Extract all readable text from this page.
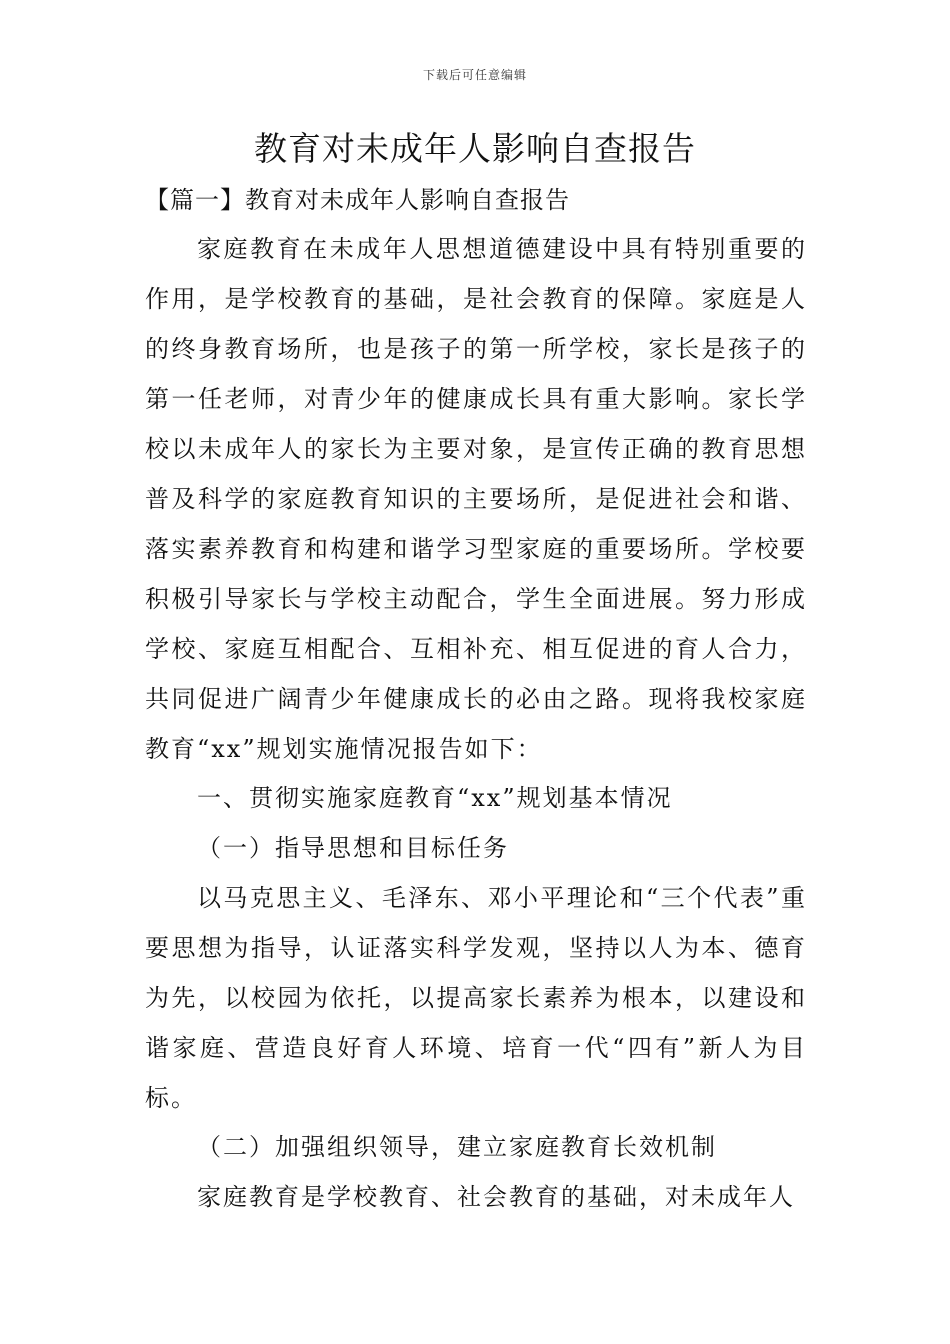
下载后可任意编辑
教育对未成年人影响自查报告
【篇一】教育对未成年人影响自查报告

家庭教育在未成年人思想道德建设中具有特别重要的作用，是学校教育的基础，是社会教育的保障。家庭是人的终身教育场所，也是孩子的第一所学校，家长是孩子的第一任老师，对青少年的健康成长具有重大影响。家长学校以未成年人的家长为主要对象，是宣传正确的教育思想普及科学的家庭教育知识的主要场所，是促进社会和谐、落实素养教育和构建和谐学习型家庭的重要场所。学校要积极引导家长与学校主动配合，学生全面进展。努力形成学校、家庭互相配合、互相补充、相互促进的育人合力，共同促进广阔青少年健康成长的必由之路。现将我校家庭教育“xx”规划实施情况报告如下：

一、贯彻实施家庭教育“xx”规划基本情况

（一）指导思想和目标任务

以马克思主义、毛泽东、邓小平理论和“三个代表”重要思想为指导，认证落实科学发观，坚持以人为本、德育为先，以校园为依托，以提高家长素养为根本，以建设和谐家庭、营造良好育人环境、培育一代“四有”新人为目标。

（二）加强组织领导，建立家庭教育长效机制

家庭教育是学校教育、社会教育的基础，对未成年人
